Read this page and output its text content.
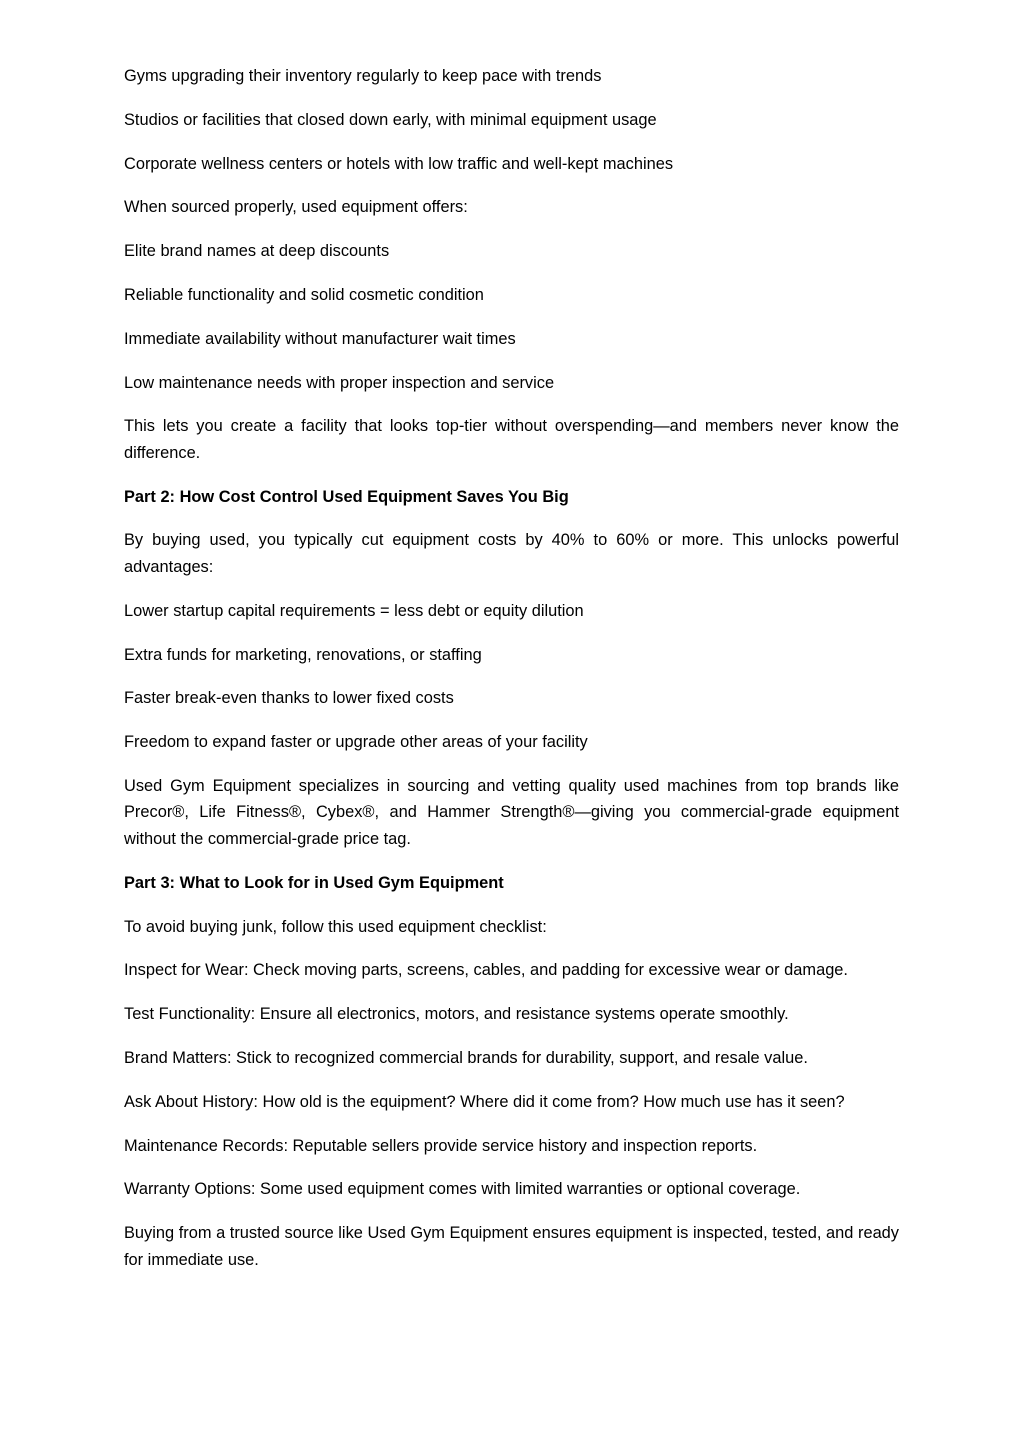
Gyms upgrading their inventory regularly to keep pace with trends

Studios or facilities that closed down early, with minimal equipment usage

Corporate wellness centers or hotels with low traffic and well-kept machines

When sourced properly, used equipment offers:

Elite brand names at deep discounts

Reliable functionality and solid cosmetic condition

Immediate availability without manufacturer wait times

Low maintenance needs with proper inspection and service

This lets you create a facility that looks top-tier without overspending—and members never know the difference.

Part 2: How Cost Control Used Equipment Saves You Big

By buying used, you typically cut equipment costs by 40% to 60% or more. This unlocks powerful advantages:

Lower startup capital requirements = less debt or equity dilution

Extra funds for marketing, renovations, or staffing

Faster break-even thanks to lower fixed costs

Freedom to expand faster or upgrade other areas of your facility

Used Gym Equipment specializes in sourcing and vetting quality used machines from top brands like Precor®, Life Fitness®, Cybex®, and Hammer Strength®—giving you commercial-grade equipment without the commercial-grade price tag.

Part 3: What to Look for in Used Gym Equipment

To avoid buying junk, follow this used equipment checklist:

Inspect for Wear: Check moving parts, screens, cables, and padding for excessive wear or damage.

Test Functionality: Ensure all electronics, motors, and resistance systems operate smoothly.

Brand Matters: Stick to recognized commercial brands for durability, support, and resale value.

Ask About History: How old is the equipment? Where did it come from? How much use has it seen?

Maintenance Records: Reputable sellers provide service history and inspection reports.

Warranty Options: Some used equipment comes with limited warranties or optional coverage.

Buying from a trusted source like Used Gym Equipment ensures equipment is inspected, tested, and ready for immediate use.
